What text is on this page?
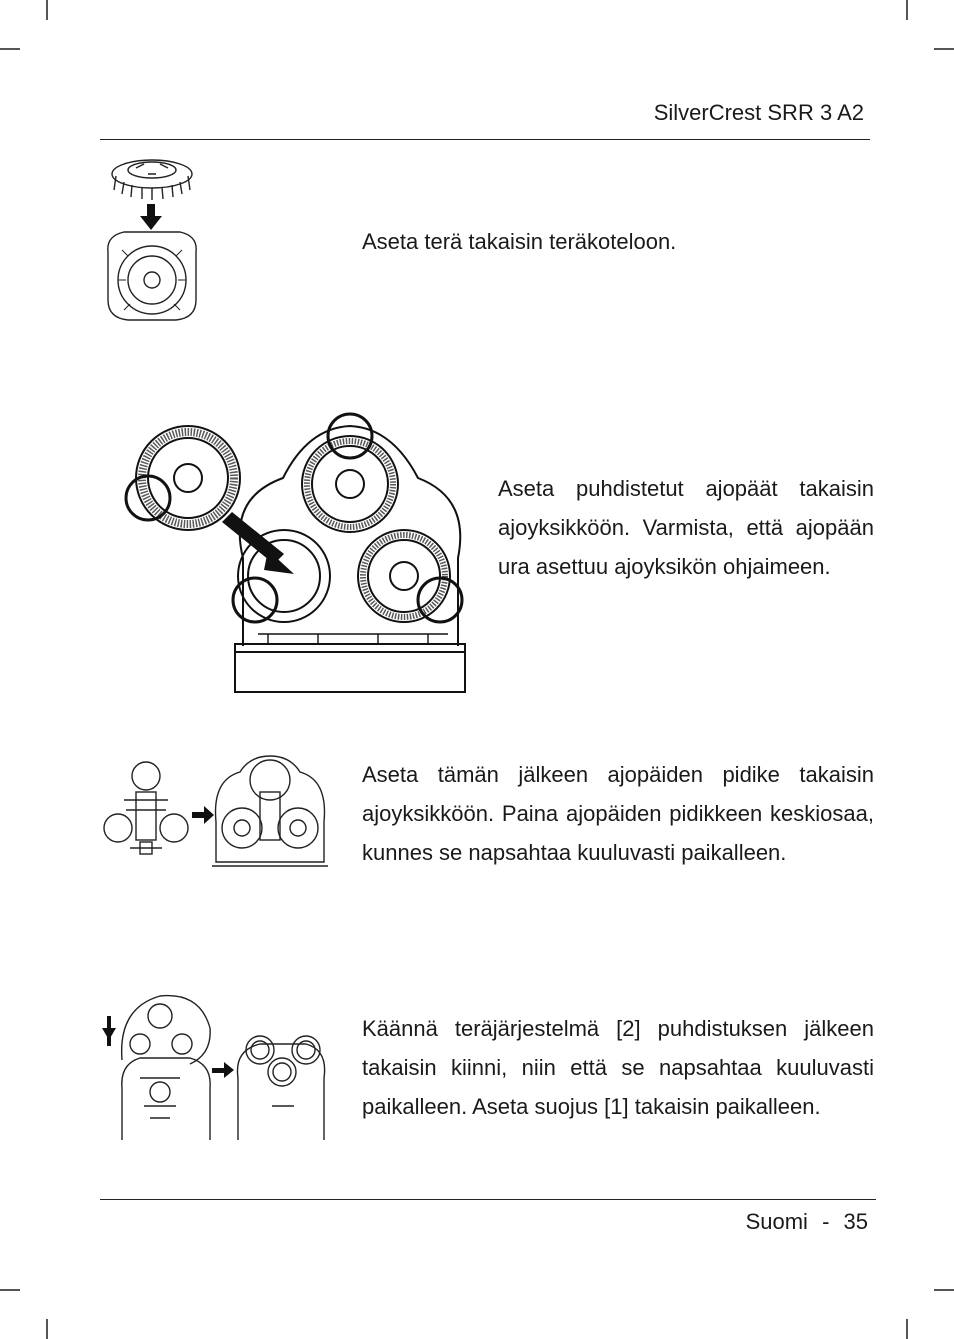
SilverCrest SRR 3 A2
Aseta terä takaisin teräkoteloon.
Aseta puhdistetut ajopäät takaisin ajoyksikköön. Varmista, että ajopään ura asettuu ajoyksikön ohjaimeen.
Aseta tämän jälkeen ajopäiden pidike takaisin ajoyksikköön. Paina ajopäiden pidikkeen keskiosaa, kunnes se napsahtaa kuuluvasti paikalleen.
Käännä teräjärjestelmä [2] puhdistuksen jälkeen takaisin kiinni, niin että se napsahtaa kuuluvasti paikalleen. Aseta suojus [1] takaisin paikalleen.
Suomi - 35
